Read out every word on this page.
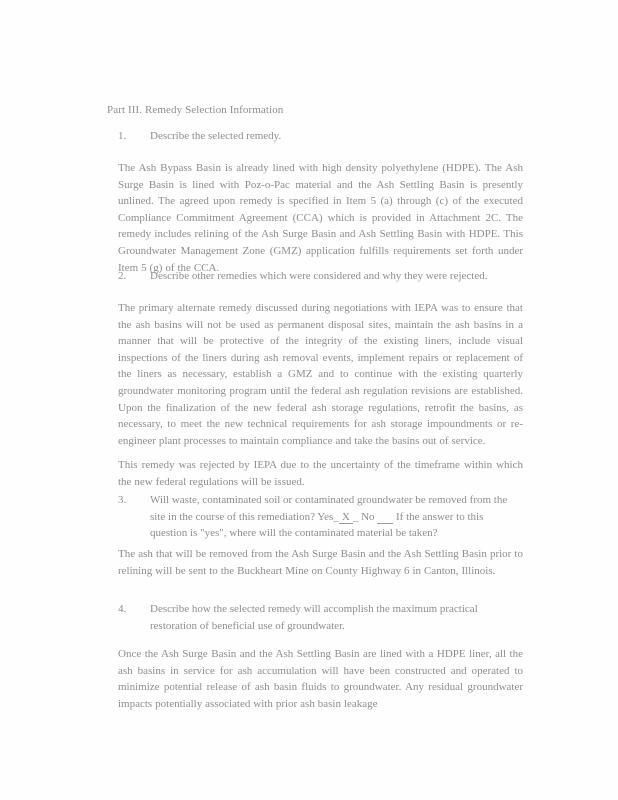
Part III. Remedy Selection Information
1. Describe the selected remedy.
The Ash Bypass Basin is already lined with high density polyethylene (HDPE). The Ash Surge Basin is lined with Poz-o-Pac material and the Ash Settling Basin is presently unlined. The agreed upon remedy is specified in Item 5 (a) through (c) of the executed Compliance Commitment Agreement (CCA) which is provided in Attachment 2C. The remedy includes relining of the Ash Surge Basin and Ash Settling Basin with HDPE. This Groundwater Management Zone (GMZ) application fulfills requirements set forth under Item 5 (g) of the CCA.
2. Describe other remedies which were considered and why they were rejected.
The primary alternate remedy discussed during negotiations with IEPA was to ensure that the ash basins will not be used as permanent disposal sites, maintain the ash basins in a manner that will be protective of the integrity of the existing liners, include visual inspections of the liners during ash removal events, implement repairs or replacement of the liners as necessary, establish a GMZ and to continue with the existing quarterly groundwater monitoring program until the federal ash regulation revisions are established. Upon the finalization of the new federal ash storage regulations, retrofit the basins, as necessary, to meet the new technical requirements for ash storage impoundments or re-engineer plant processes to maintain compliance and take the basins out of service.
This remedy was rejected by IEPA due to the uncertainty of the timeframe within which the new federal regulations will be issued.
3. Will waste, contaminated soil or contaminated groundwater be removed from the site in the course of this remediation? Yes_ X _ No   If the answer to this question is "yes", where will the contaminated material be taken?
The ash that will be removed from the Ash Surge Basin and the Ash Settling Basin prior to relining will be sent to the Buckheart Mine on County Highway 6 in Canton, Illinois.
4. Describe how the selected remedy will accomplish the maximum practical restoration of beneficial use of groundwater.
Once the Ash Surge Basin and the Ash Settling Basin are lined with a HDPE liner, all the ash basins in service for ash accumulation will have been constructed and operated to minimize potential release of ash basin fluids to groundwater. Any residual groundwater impacts potentially associated with prior ash basin leakage
